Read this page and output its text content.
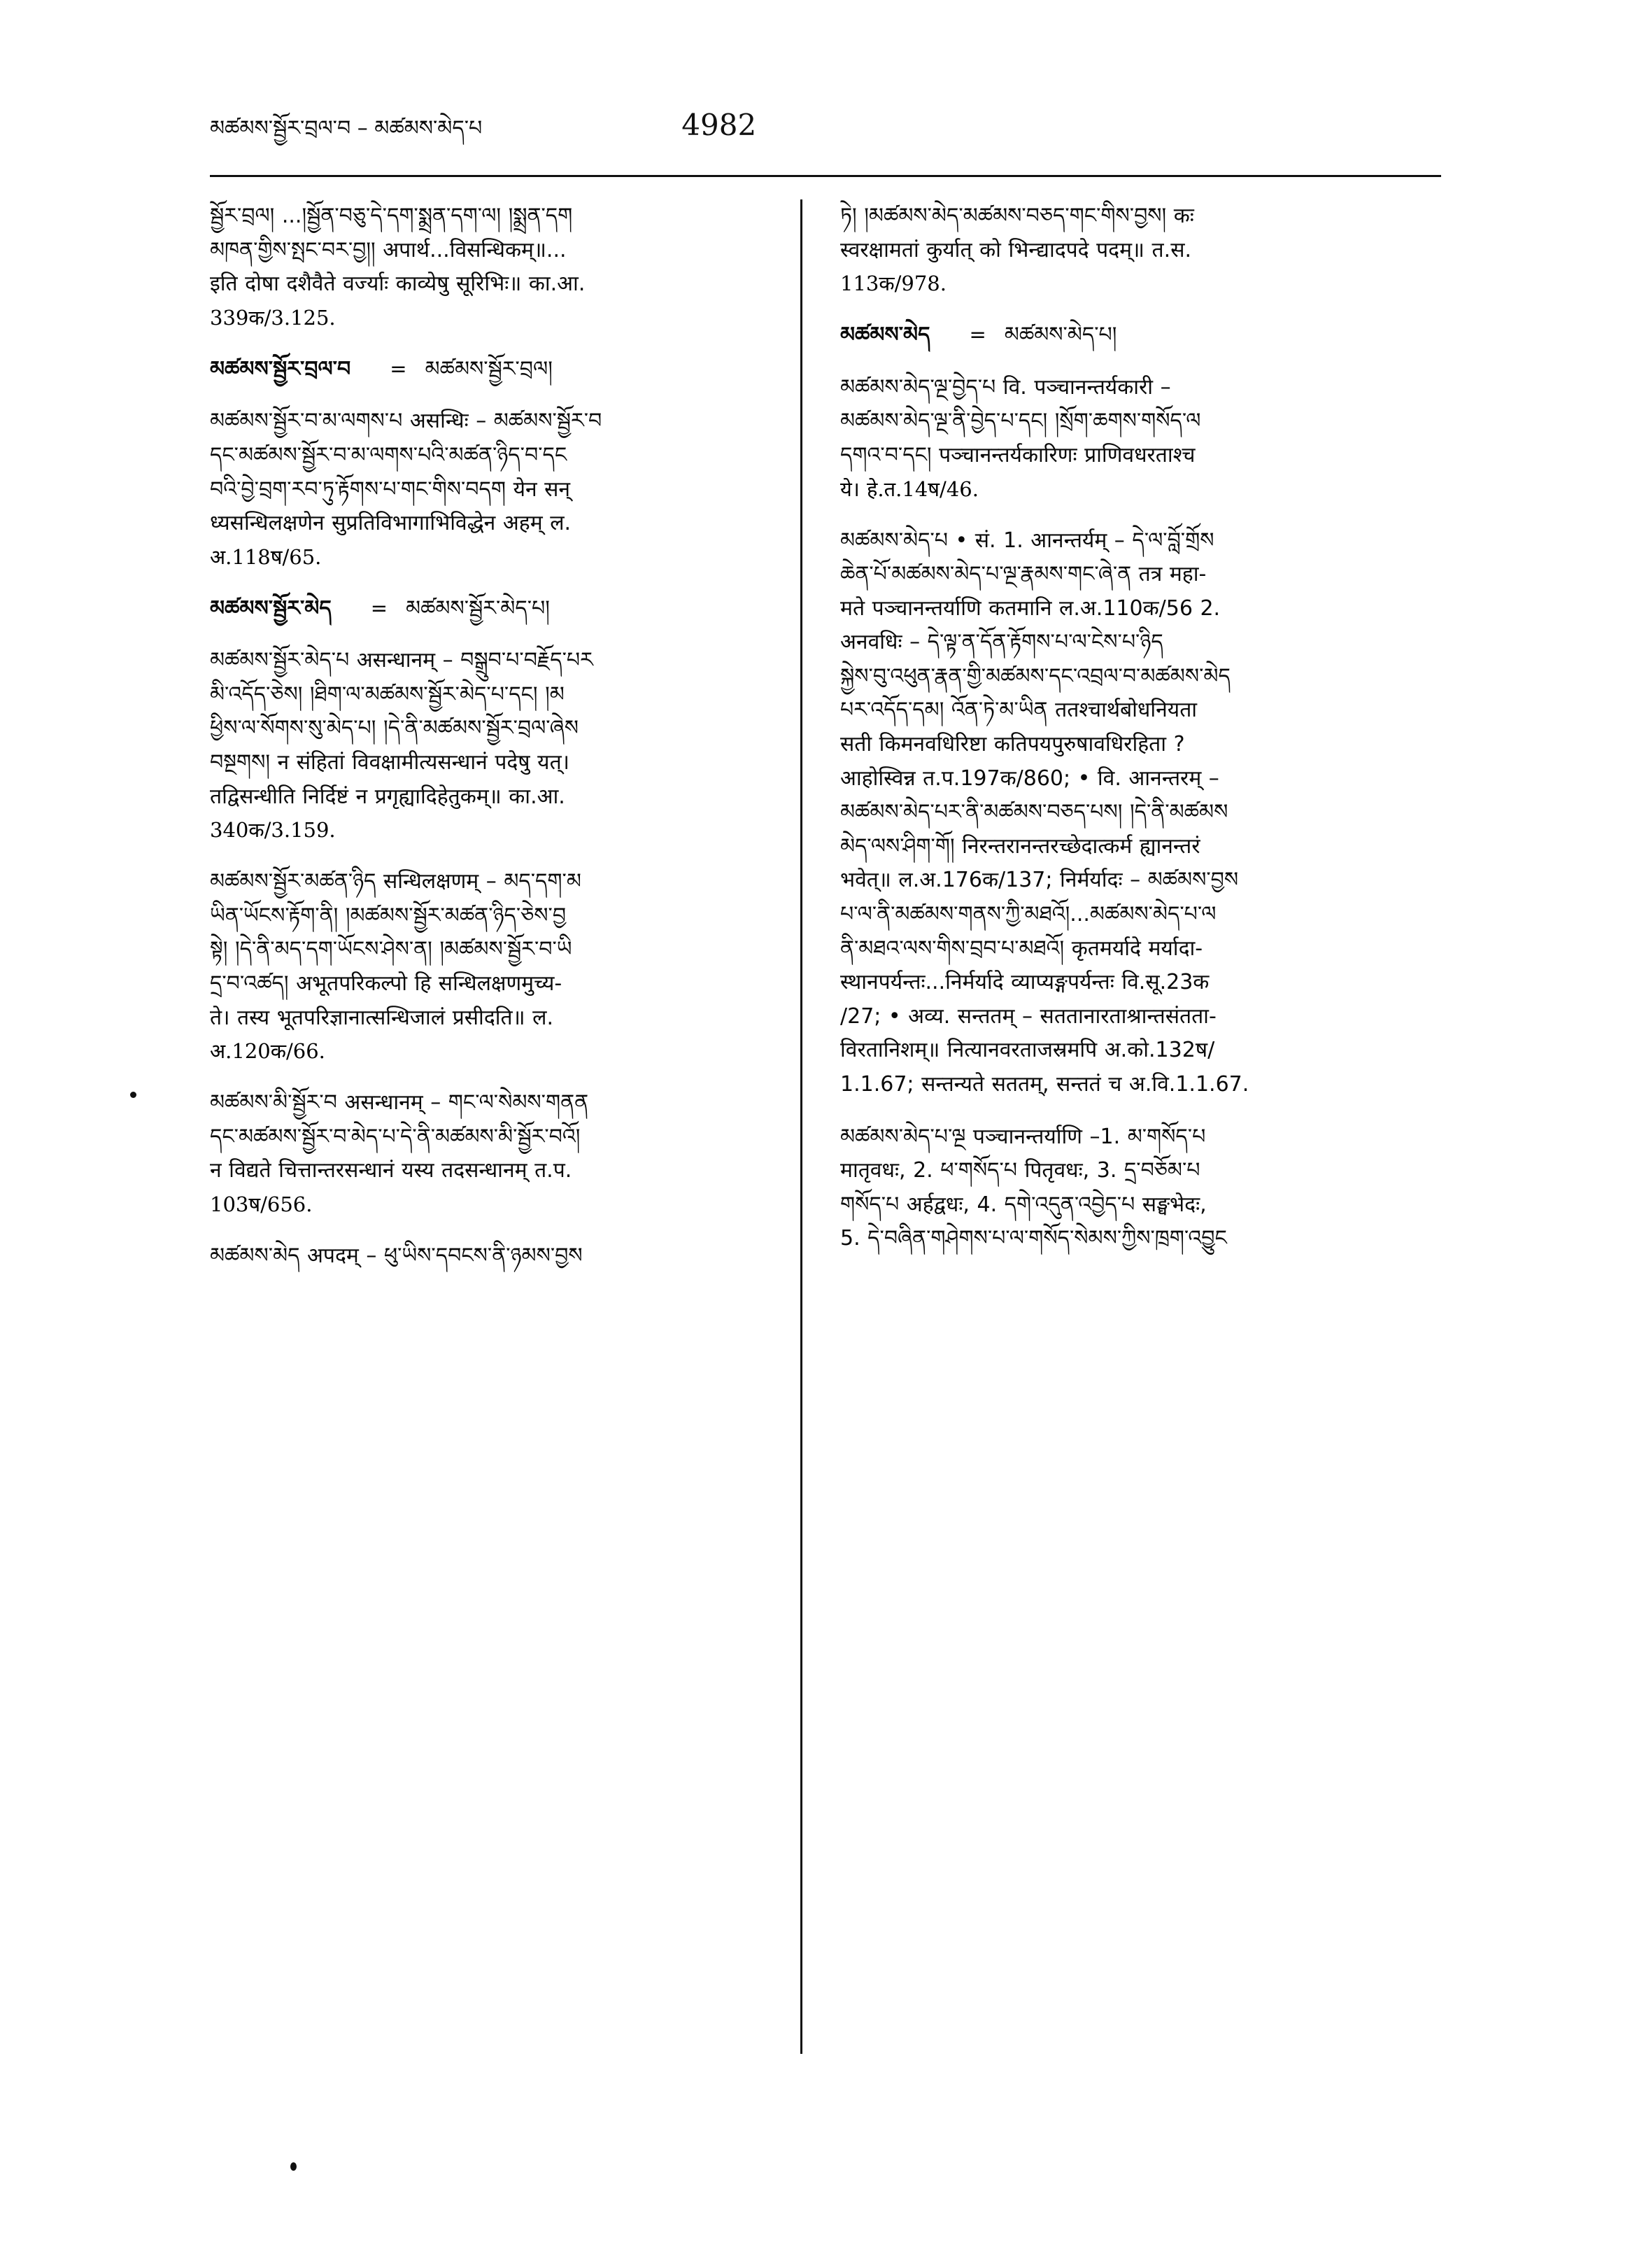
མཚམས་སྦྱོར་བྲལ་བ – མཚམས་མེད་པ	4982
སྦྱོར་བྲལ། ...།སྦྱོན་བཅུ་དེ་དག་སྨྲན་དག་ལ། །སྨྲན་དག
མཁན་གྱིས་སྤང་བར་བྱ།། अपार्थ...विसन्धिकम्॥...
इति दोषा दशैवैते वर्ज्याः काव्येषु सूरिभिः॥ का.आ.
339क/3.125.
མཚམས་སྦྱོར་བྲལ་བ = མཚམས་སྦྱོར་བྲལ།
མཚམས་སྦྱོར་བ་མ་ལགས་པ असन्धिः – མཚམས་སྦྱོར་བ
དང་མཚམས་སྦྱོར་བ་མ་ལགས་པའི་མཚན་ཉིད་བ་དང
བའི་བྱེ་བྲག་རབ་ཏུ་རྟོགས་པ་གང་གིས་བདག येन सन्
ध्यसन्धिलक्षणेन सुप्रतिविभागाभिविद्धेन अहम् ल.
अ.118ष/65.
མཚམས་སྦྱོར་མེད = མཚམས་སྦྱོར་མེད་པ།
མཚམས་སྦྱོར་མེད་པ असन्धानम् – བསྒྲུབ་པ་བརྗོད་པར
མི་འདོད་ཅེས། །ཐིག་ལ་མཚམས་སྦྱོར་མེད་པ་དང། །མ
ཕྱིས་ལ་སོགས་སུ་མེད་པ། །དེ་ནི་མཚམས་སྦྱོར་བྲལ་ཞེས
བསྔགས། न संहितां विवक्षामीत्यसन्धानं पदेषु यत्।
तद्विसन्धीति निर्दिष्टं न प्रगृह्यादिहेतुकम्॥ का.आ.
340क/3.159.
མཚམས་སྦྱོར་མཚན་ཉིད सन्धिलक्षणम् – མད་དག་མ
ཡིན་ཡོངས་རྟོག་ནི། །མཚམས་སྦྱོར་མཚན་ཉིད་ཅེས་བྱ
སྟེ། །དེ་ནི་མད་དག་ཡོངས་ཤེས་ན། །མཚམས་སྦྱོར་བ་ཡི
དྲ་བ་འཚད། अभूतपरिकल्पो हि सन्धिलक्षणमुच्य-
ते। तस्य भूतपरिज्ञानात्सन्धिजालं प्रसीदति॥ ल.
अ.120क/66.
མཚམས་མི་སྦྱོར་བ असन्धानम् – གང་ལ་སེམས་གནན
དང་མཚམས་སྦྱོར་བ་མེད་པ་དེ་ནི་མཚམས་མི་སྦྱོར་བའོ།
न विद्यते चित्तान्तरसन्धानं यस्य तदसन्धानम् त.प.
103ष/656.
མཚམས་མེད अपदम् – ཕུ་ཡིས་དབངས་ནི་ཉམས་བྱས
ཏེ། །མཚམས་མེད་མཚམས་བཅད་གང་གིས་བྱས། कः
स्वरक्षामतां कुर्यात् को भिन्द्यादपदे पदम्॥ त.स.
113क/978.
མཚམས་མེད = མཚམས་མེད་པ།
མཚམས་མེད་ལྔ་བྱེད་པ वि. पञ्चानन्तर्यकारी –
མཚམས་མེད་ལྔ་ནི་བྱེད་པ་དང། །སྲོག་ཆགས་གསོད་ལ
དགའ་བ་དང། पञ्चानन्तर्यकारिणः प्राणिवधरताश्च
ये। हे.त.14ष/46.
མཚམས་མེད་པ • सं. 1. आनन्तर्यम् – དེ་ལ་བློ་གྲོས
ཆེན་པོ་མཚམས་མེད་པ་ལྔ་རྣམས་གང་ཞེ་ན तत्र महा-
मते पञ्चानन्तर्याणि कतमानि ल.अ.110क/56 2.
अनवधिः – དེ་ལྟ་ན་དོན་རྟོགས་པ་ལ་ངེས་པ་ཉིད
སྐྱེས་བུ་འཕུན་རྣན་གྱི་མཚམས་དང་འབྲལ་བ་མཚམས་མེད
པར་འདོད་དམ། འོན་ཏེ་མ་ཡིན ततश्चार्थबोधनियता
सती किमनवधिरिष्टा कतिपयपुरुषावधिरहिता ?
आहोस्विन्न त.प.197क/860; • वि. आनन्तरम् –
མཚམས་མེད་པར་ནི་མཚམས་བཅད་པས། །དེ་ནི་མཚམས
མེད་ལས་ཤིག་གོ། निरन्तरानन्तरच्छेदात्कर्म ह्यानन्तरं
भवेत्॥ ल.अ.176क/137; निर्मर्यादः – མཚམས་བྱས
པ་ལ་ནི་མཚམས་གནས་ཀྱི་མཐའོ།...མཚམས་མེད་པ་ལ
ནི་མཐའ་ལས་གིས་བྲབ་པ་མཐའོ། कृतमर्यादे मर्यादा-
स्थानपर्यन्तः...निर्मर्यादे व्याप्यङ्गपर्यन्तः वि.सू.23क
/27; • अव्य. सन्ततम् – सततानारताश्रान्तसंतता-
विरतानिशम्॥ नित्यानवरताजस्रमपि अ.को.132ष/
1.1.67; सन्तन्यते सततम्, सन्ततं च अ.वि.1.1.67.
མཚམས་མེད་པ་ལྔ पञ्चानन्तर्याणि –1. མ་གསོད་པ
मातृवधः, 2. ཕ་གསོད་པ पितृवधः, 3. དྲ་བཅོམ་པ
གསོད་པ अर्हद्वधः, 4. དགེ་འདུན་འབྱེད་པ सङ्घभेदः,
5. དེ་བཞིན་གཤེགས་པ་ལ་གསོད་སེམས་ཀྱིས་ཁྲག་འབྱུང
